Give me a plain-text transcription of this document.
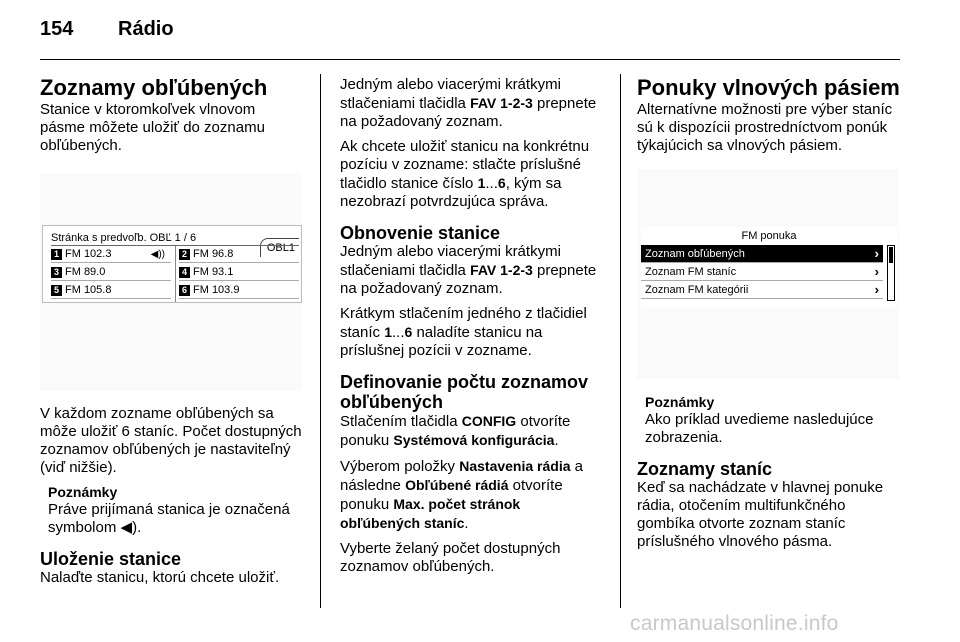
154 Rádio
Zoznamy obľúbených

Stanice v ktoromkoľvek vlnovom pásme môžete uložiť do zoznamu obľúbených.

Stránka s predvoľb. OBĽ 1 / 6
OBL1
1 FM 102.3	◀))	2 FM 96.8
3 FM 89.0	4 FM 93.1
5 FM 105.8	6 FM 103.9

V každom zozname obľúbených sa môže uložiť 6 staníc. Počet dostupných zoznamov obľúbených je nastaviteľný (viď nižšie).

Poznámky

Práve prijímaná stanica je označená symbolom ◀).

Uloženie stanice

Nalaďte stanicu, ktorú chcete uložiť.

Jedným alebo viacerými krátkymi stlačeniami tlačidla FAV 1-2-3 prepnete na požadovaný zoznam.

Ak chcete uložiť stanicu na konkrétnu pozíciu v zozname: stlačte príslušné tlačidlo stanice číslo 1...6, kým sa nezobrazí potvrdzujúca správa.

Obnovenie stanice

Jedným alebo viacerými krátkymi stlačeniami tlačidla FAV 1-2-3 prepnete na požadovaný zoznam.

Krátkym stlačením jedného z tlačidiel staníc 1...6 naladíte stanicu na príslušnej pozícii v zozname.

Definovanie počtu zoznamov obľúbených

Stlačením tlačidla CONFIG otvoríte ponuku Systémová konfigurácia.

Výberom položky Nastavenia rádia a následne Obľúbené rádiá otvoríte ponuku Max. počet stránok obľúbených staníc.

Vyberte želaný počet dostupných zoznamov obľúbených.

Ponuky vlnových pásiem

Alternatívne možnosti pre výber staníc sú k dispozícii prostredníctvom ponúk týkajúcich sa vlnových pásiem.

FM ponuka
Zoznam obľúbených	›
Zoznam FM staníc	›
Zoznam FM kategórii	›
Poznámky

Ako príklad uvedieme nasledujúce zobrazenia.

Zoznamy staníc

Keď sa nachádzate v hlavnej ponuke rádia, otočením multifunkčného gombíka otvorte zoznam staníc príslušného vlnového pásma.

carmanualsonline.info
